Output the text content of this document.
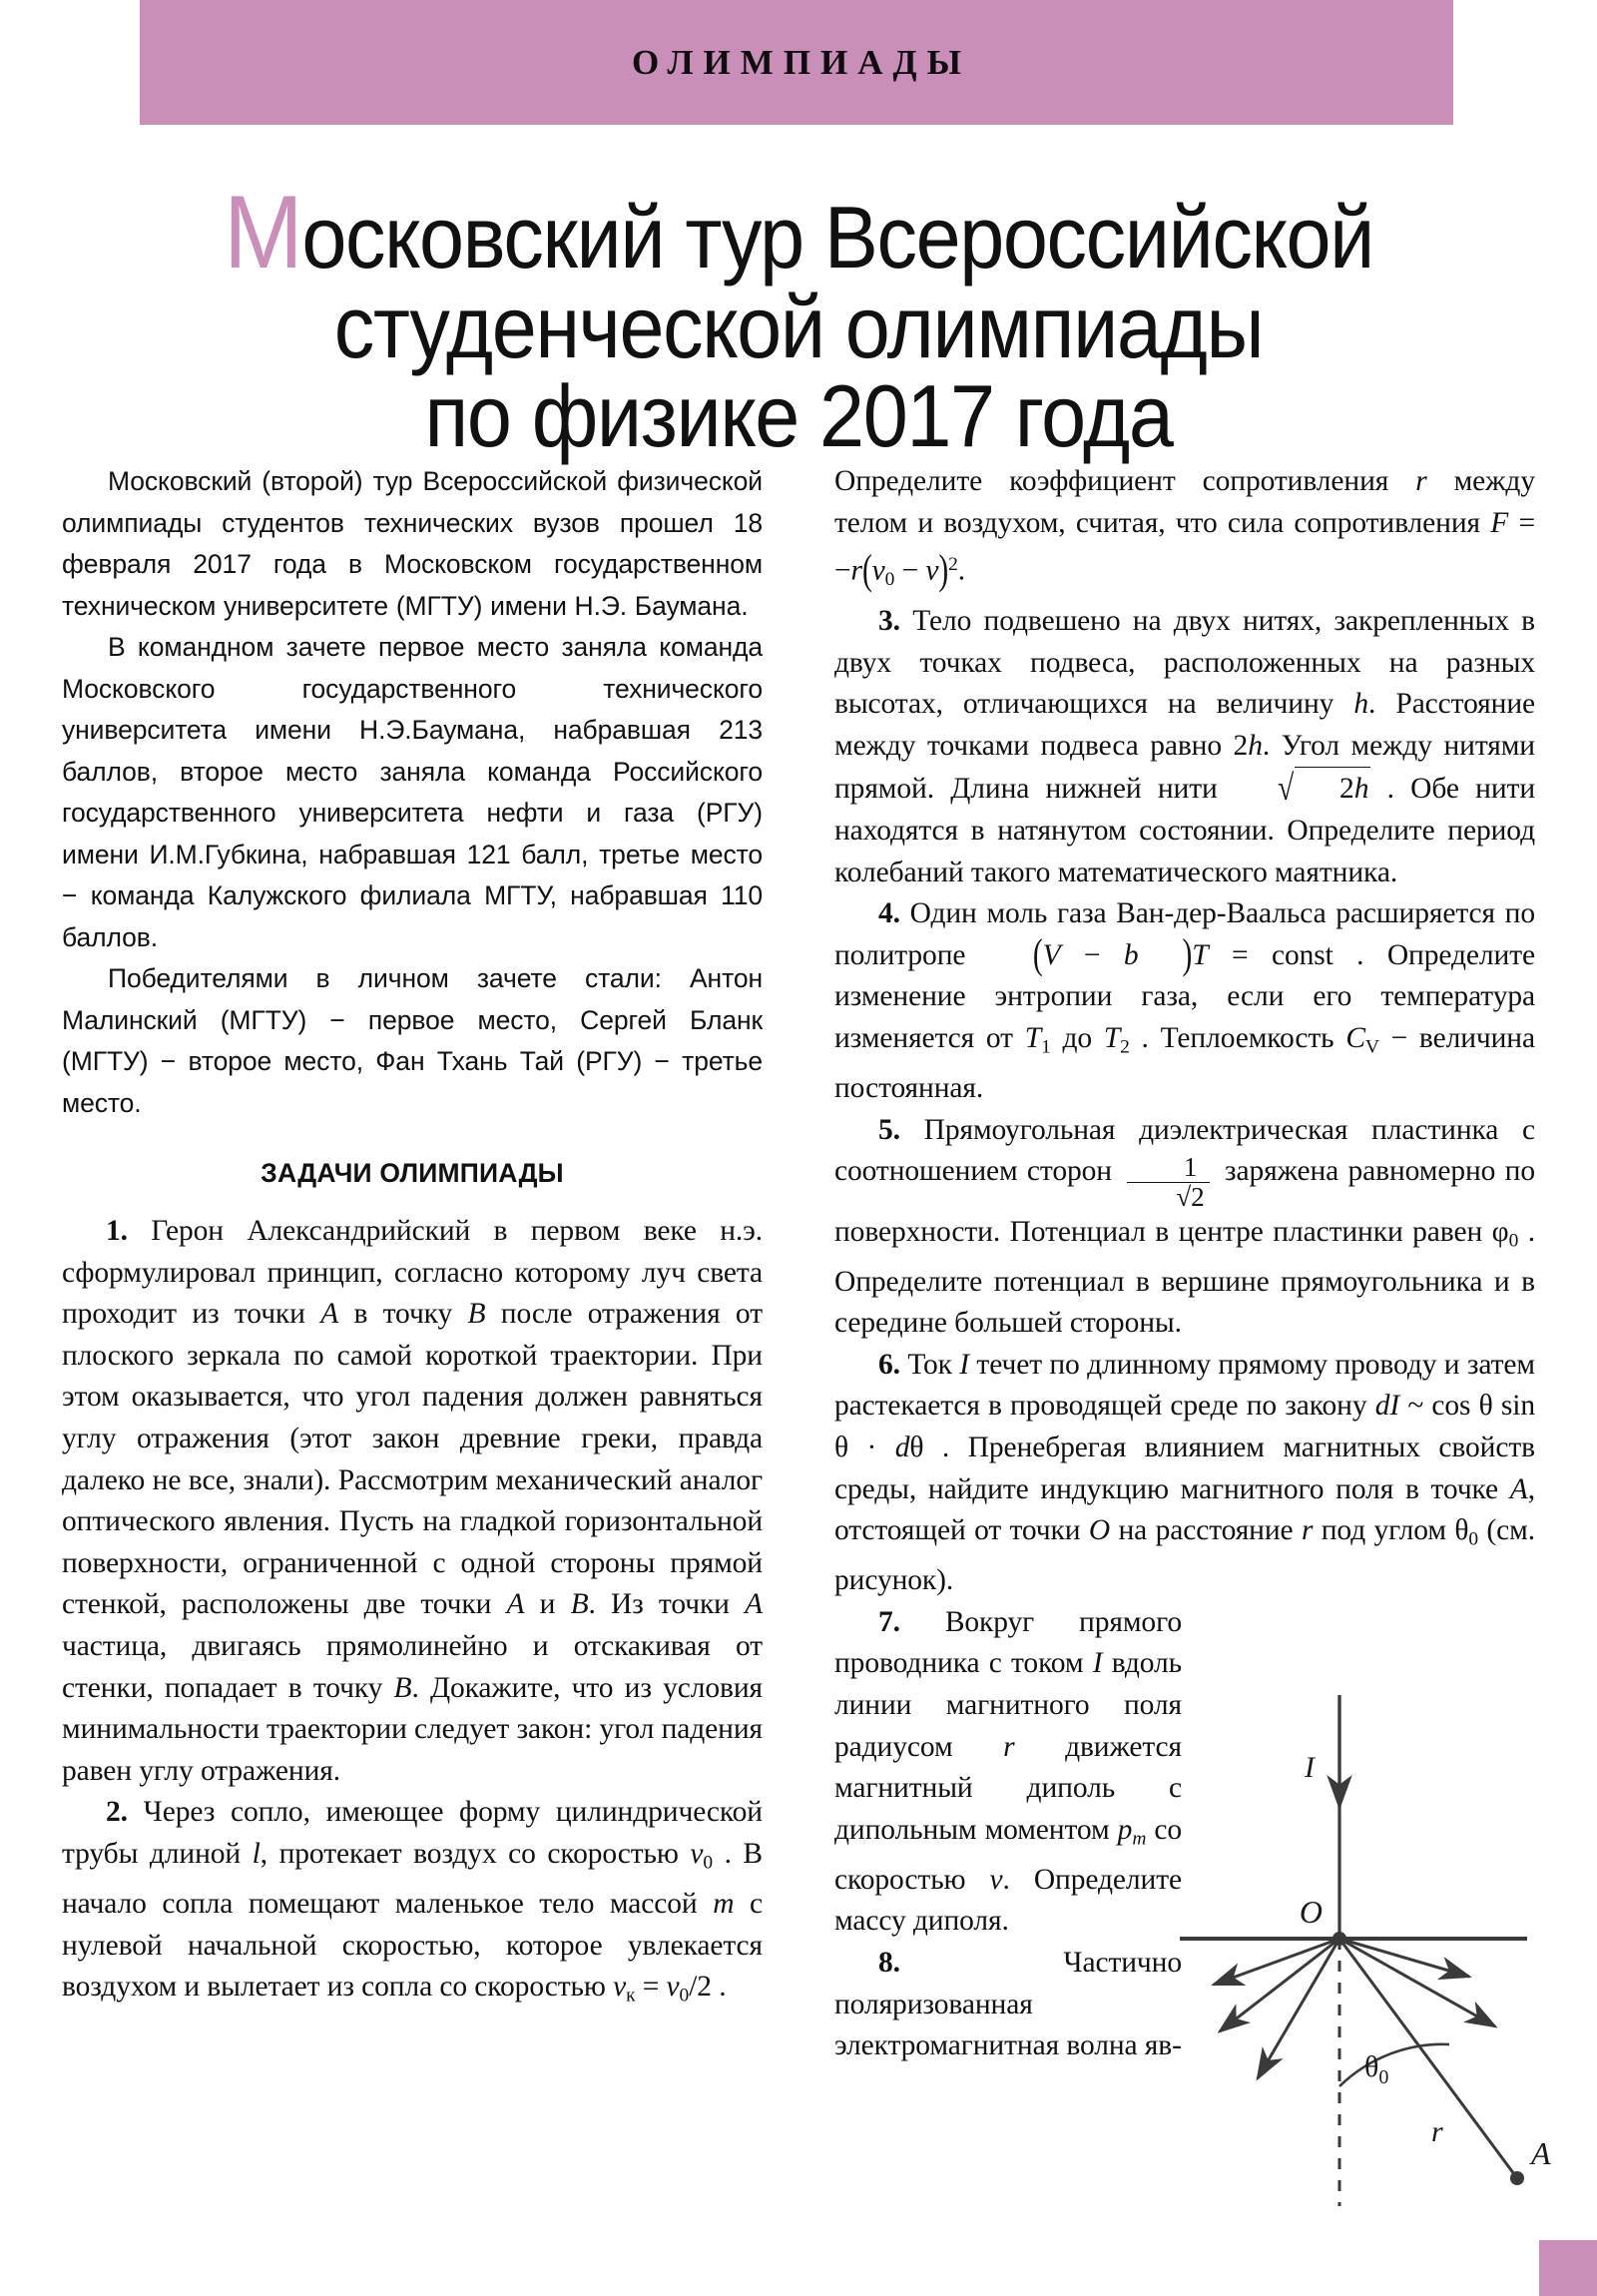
ОЛИМПИАДЫ
Московский тур Всероссийской
студенческой олимпиады
по физике 2017 года

Московский (второй) тур Всероссийской физической олимпиады студентов технических вузов прошел 18 февраля 2017 года в Московском государственном техническом университете (МГТУ) имени Н.Э. Баумана.

В командном зачете первое место заняла команда Московского государственного технического университета имени Н.Э.Баумана, набравшая 213 баллов, второе место заняла команда Российского государственного университета нефти и газа (РГУ) имени И.М.Губкина, набравшая 121 балл, третье место − команда Калужского филиала МГТУ, набравшая 110 баллов.

Победителями в личном зачете стали: Антон Малинский (МГТУ) − первое место, Сергей Бланк (МГТУ) − второе место, Фан Тхань Тай (РГУ) − третье место.

ЗАДАЧИ ОЛИМПИАДЫ

1. Герон Александрийский в первом веке н.э. сформулировал принцип, согласно которому луч света проходит из точки A в точку B после отражения от плоского зеркала по самой короткой траектории. При этом оказывается, что угол падения должен равняться углу отражения (этот закон древние греки, правда далеко не все, знали). Рассмотрим механический аналог оптического явления. Пусть на гладкой горизонтальной поверхности, ограниченной с одной стороны прямой стенкой, расположены две точки A и B. Из точки A частица, двигаясь прямолинейно и отскакивая от стенки, попадает в точку B. Докажите, что из условия минимальности траектории следует закон: угол падения равен углу отражения.

2. Через сопло, имеющее форму цилиндрической трубы длиной l, протекает воздух со скоростью $v_0$ . В начало сопла помещают маленькое тело массой m с нулевой начальной скоростью, которое увлекается воздухом и вылетает из сопла со скоростью $v_к = v_0/2$ .

Определите коэффициент сопротивления r между телом и воздухом, считая, что сила сопротивления $F = -r(v_0 - v)^2$.

3. Тело подвешено на двух нитях, закрепленных в двух точках подвеса, расположенных на разных высотах, отличающихся на величину h. Расстояние между точками подвеса равно 2h. Угол между нитями прямой. Длина нижней нити √ 2h . Обе нити находятся в натянутом состоянии. Определите период колебаний такого математического маятника.

4. Один моль газа Ван-дер-Ваальса расширяется по политропе (V − b )T = const . Определите изменение энтропии газа, если его температура изменяется от $T_1$ до $T_2$ . Теплоемкость $C_V$ − величина постоянная.

5. Прямоугольная диэлектрическая пластинка с соотношением сторон $\frac{1}{√2}$ заряжена равномерно по поверхности. Потенциал в центре пластинки равен $\varphi_0$ . Определите потенциал в вершине прямоугольника и в середине большей стороны.

6. Ток I течет по длинному прямому проводу и затем растекается в проводящей среде по закону dI ~ cos θ sin θ · dθ . Пренебрегая влиянием магнитных свойств среды, найдите индукцию магнитного поля в точке A, отстоящей от точки O на расстояние r под углом $\theta_0$ (см. рисунок).

7. Вокруг прямого проводника с током I вдоль линии магнитного поля радиусом r движется магнитный диполь с дипольным моментом $p_m$ со скоростью v. Определите массу диполя.

8. Частично поляризованная электромагнитная волна яв-

I
O
$\theta_0$
r
A
